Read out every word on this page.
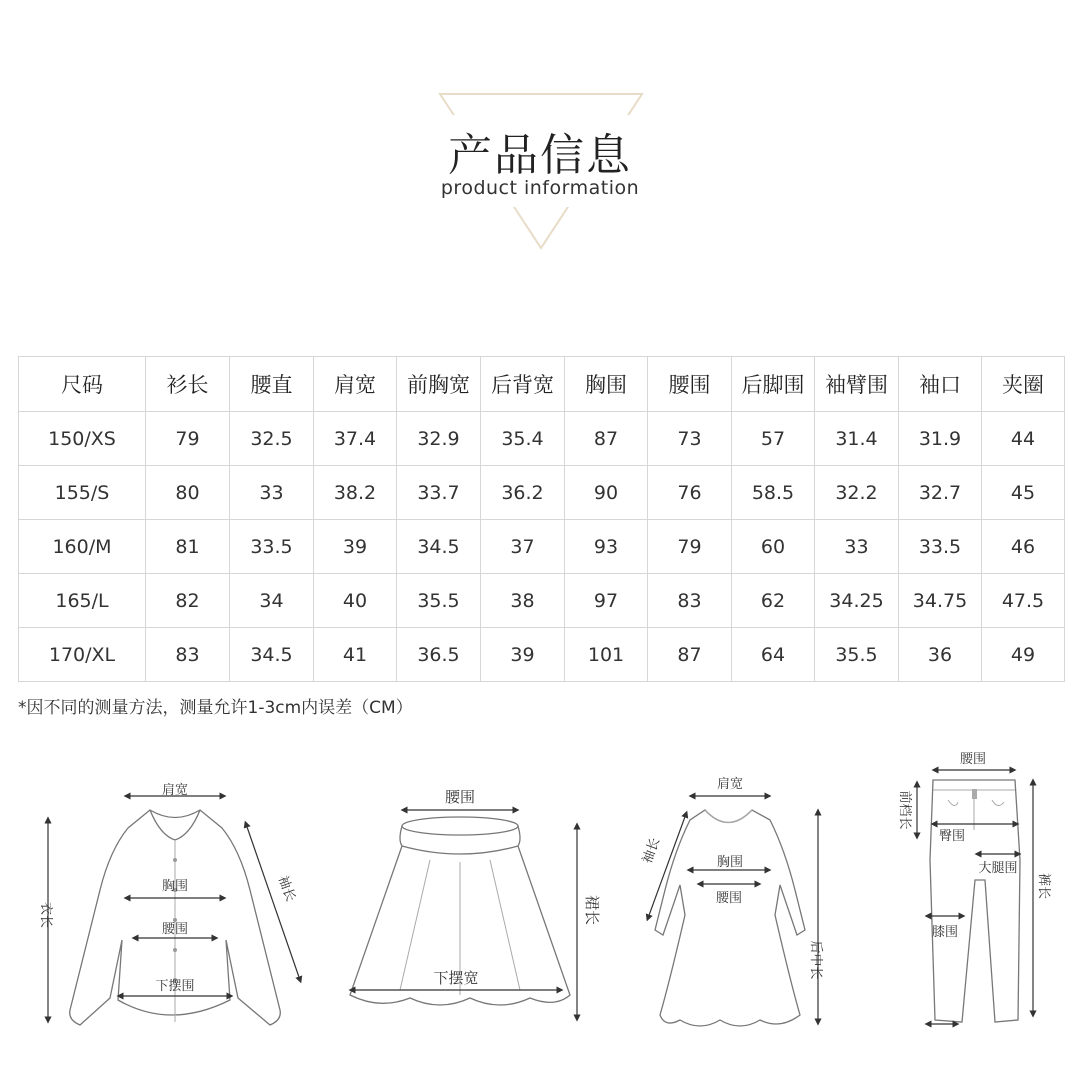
产品信息
product information
尺码	衫长	腰直	肩宽	前胸宽	后背宽	胸围	腰围	后脚围	袖臂围	袖口	夹圈
150/XS	79	32.5	37.4	32.9	35.4	87	73	57	31.4	31.9	44
155/S	80	33	38.2	33.7	36.2	90	76	58.5	32.2	32.7	45
160/M	81	33.5	39	34.5	37	93	79	60	33	33.5	46
165/L	82	34	40	35.5	38	97	83	62	34.25	34.75	47.5
170/XL	83	34.5	41	36.5	39	101	87	64	35.5	36	49
*因不同的测量方法，测量允许1-3cm内误差（CM）
肩宽
胸围
腰围
下摆围
衣长
袖长
腰围
下摆宽
裙长
肩宽
胸围
腰围
袖长
后中长
腰围
前档长
臀围
大腿围
膝围
裤长
